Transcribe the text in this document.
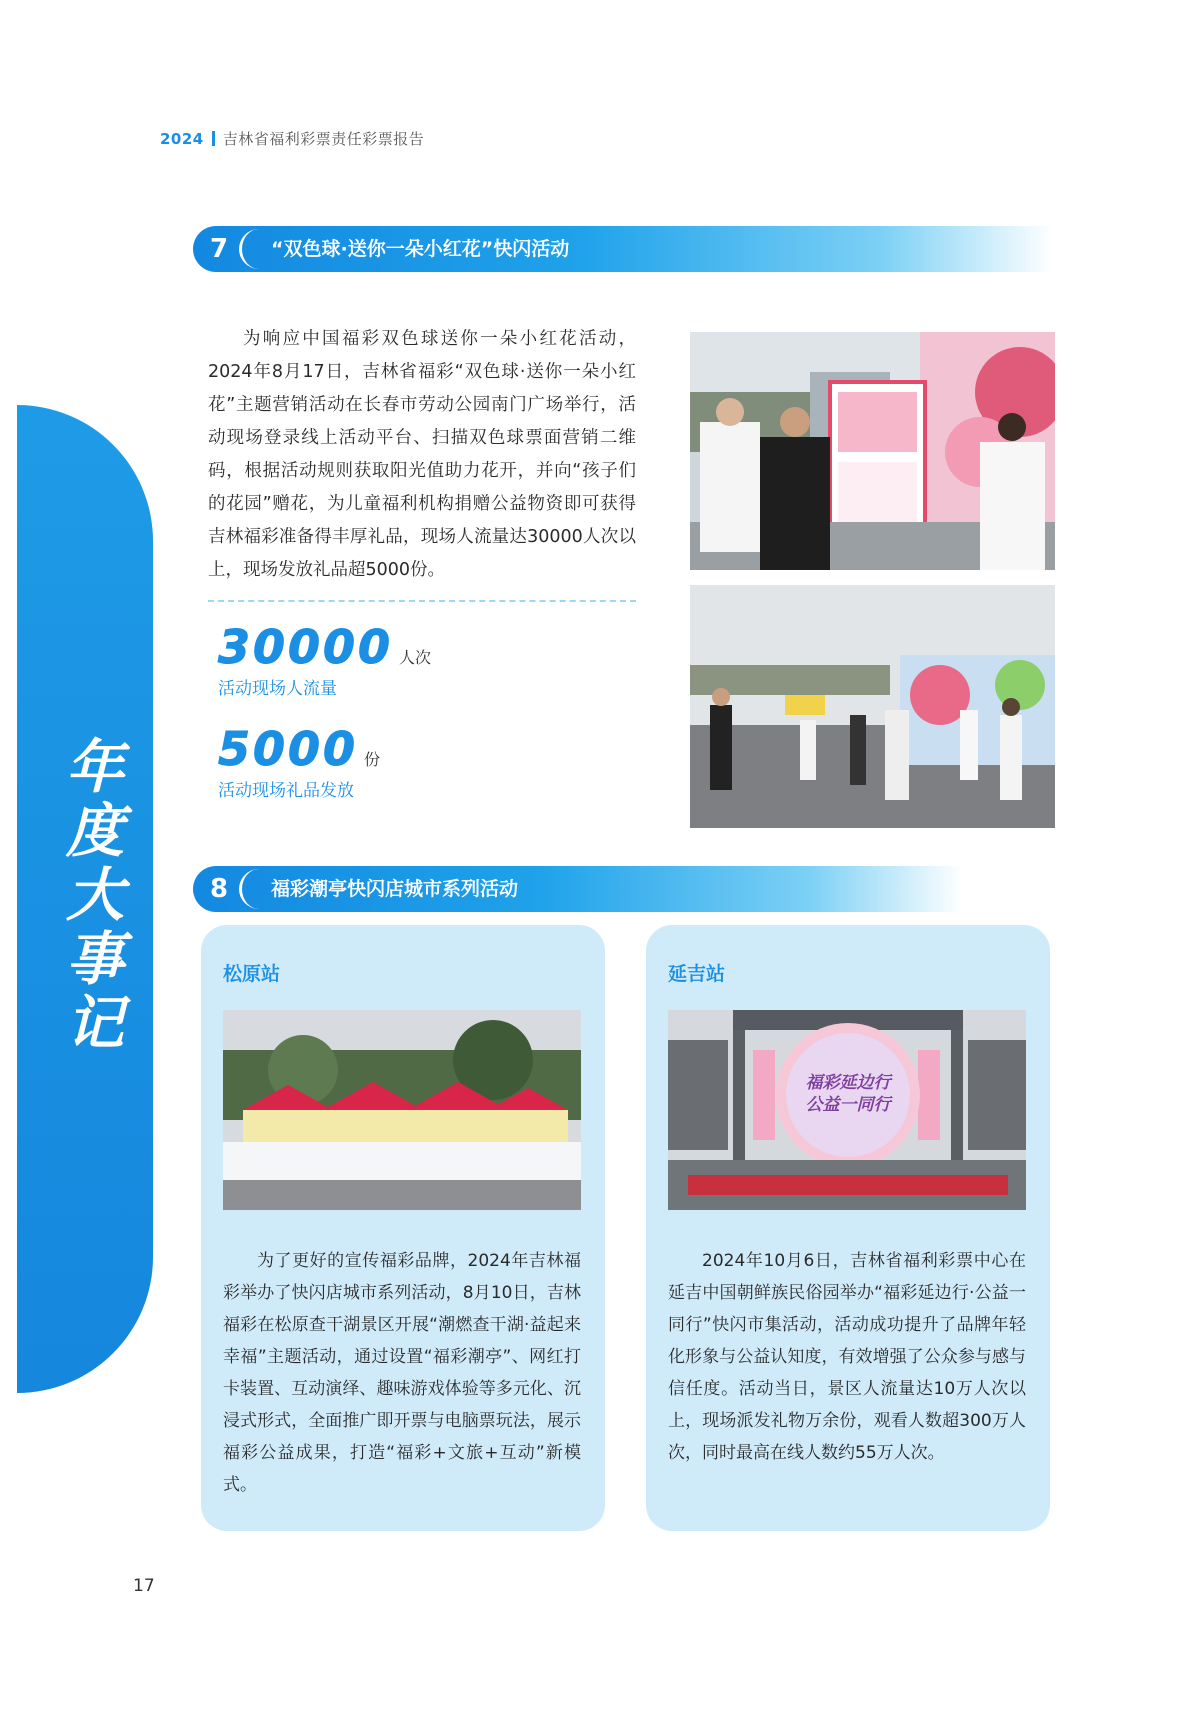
2024 吉林省福利彩票责任彩票报告
年
度
大
事
记
7	“双色球·送你一朵小红花”快闪活动

为响应中国福彩双色球送你一朵小红花活动，2024年8月17日，吉林省福彩“双色球·送你一朵小红花”主题营销活动在长春市劳动公园南门广场举行，活动现场登录线上活动平台、扫描双色球票面营销二维码，根据活动规则获取阳光值助力花开，并向“孩子们的花园”赠花，为儿童福利机构捐赠公益物资即可获得吉林福彩准备得丰厚礼品，现场人流量达30000人次以上，现场发放礼品超5000份。

30000 人次
活动现场人流量
5000 份
活动现场礼品发放
8	福彩潮亭快闪店城市系列活动
松原站

为了更好的宣传福彩品牌，2024年吉林福彩举办了快闪店城市系列活动，8月10日，吉林福彩在松原查干湖景区开展“潮燃查干湖·益起来幸福”主题活动，通过设置“福彩潮亭”、网红打卡装置、互动演绎、趣味游戏体验等多元化、沉浸式形式，全面推广即开票与电脑票玩法，展示福彩公益成果，打造“福彩+文旅+互动”新模式。

延吉站
福彩延边行
公益一同行

2024年10月6日，吉林省福利彩票中心在延吉中国朝鲜族民俗园举办“福彩延边行·公益一同行”快闪市集活动，活动成功提升了品牌年轻化形象与公益认知度，有效增强了公众参与感与信任度。活动当日，景区人流量达10万人次以上，现场派发礼物万余份，观看人数超300万人次，同时最高在线人数约55万人次。

17
